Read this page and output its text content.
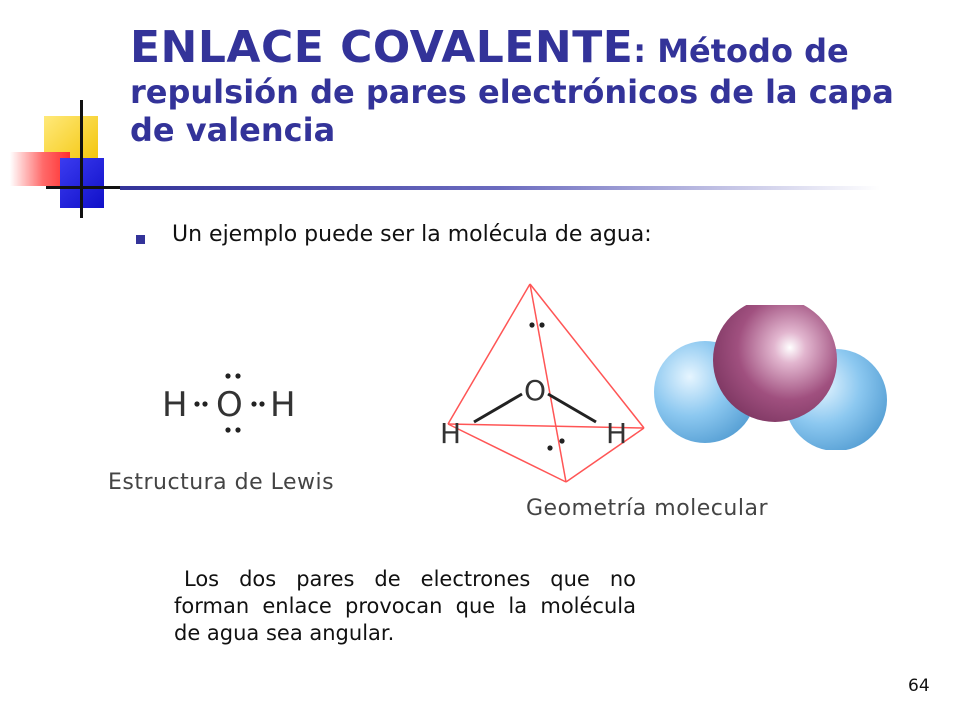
ENLACE COVALENTE: Método de repulsión de pares electrónicos de la capa de valencia
Un ejemplo puede ser la molécula de agua:
H O H
Estructura de Lewis
O
H	H
Geometría molecular
Los dos pares de electrones que no forman enlace provocan que la molécula de agua sea angular.
64
